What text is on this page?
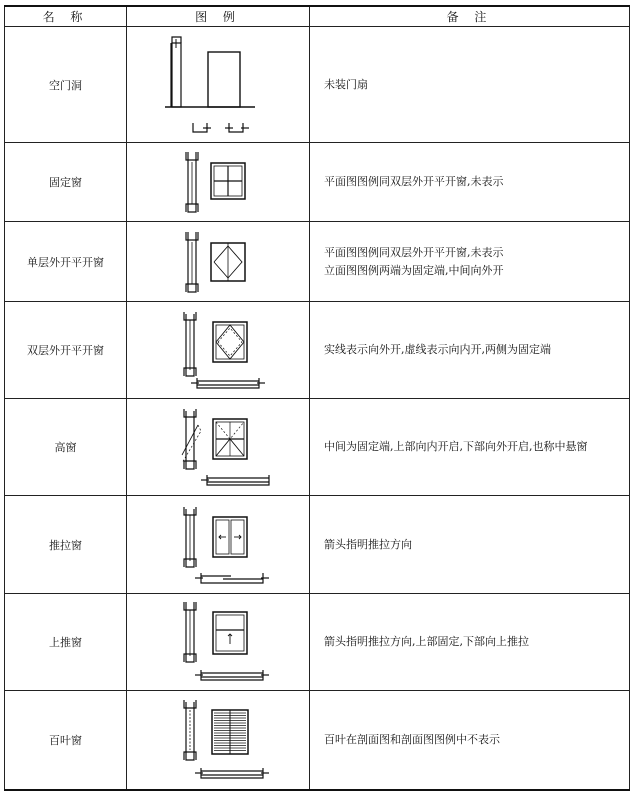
名 称	图 例	备 注
空门洞		未装门扇

固定窗		平面图图例同双层外开平开窗,未表示

单层外开平开窗		平面图图例同双层外开平开窗,未表示
立面图图例两端为固定端,中间向外开

双层外开平开窗		实线表示向外开,虚线表示向内开,两侧为固定端

高窗		中间为固定端,上部向内开启,下部向外开启,也称中悬窗

推拉窗		箭头指明推拉方向

上推窗		箭头指明推拉方向,上部固定,下部向上推拉

百叶窗		百叶在剖面图和剖面图图例中不表示
